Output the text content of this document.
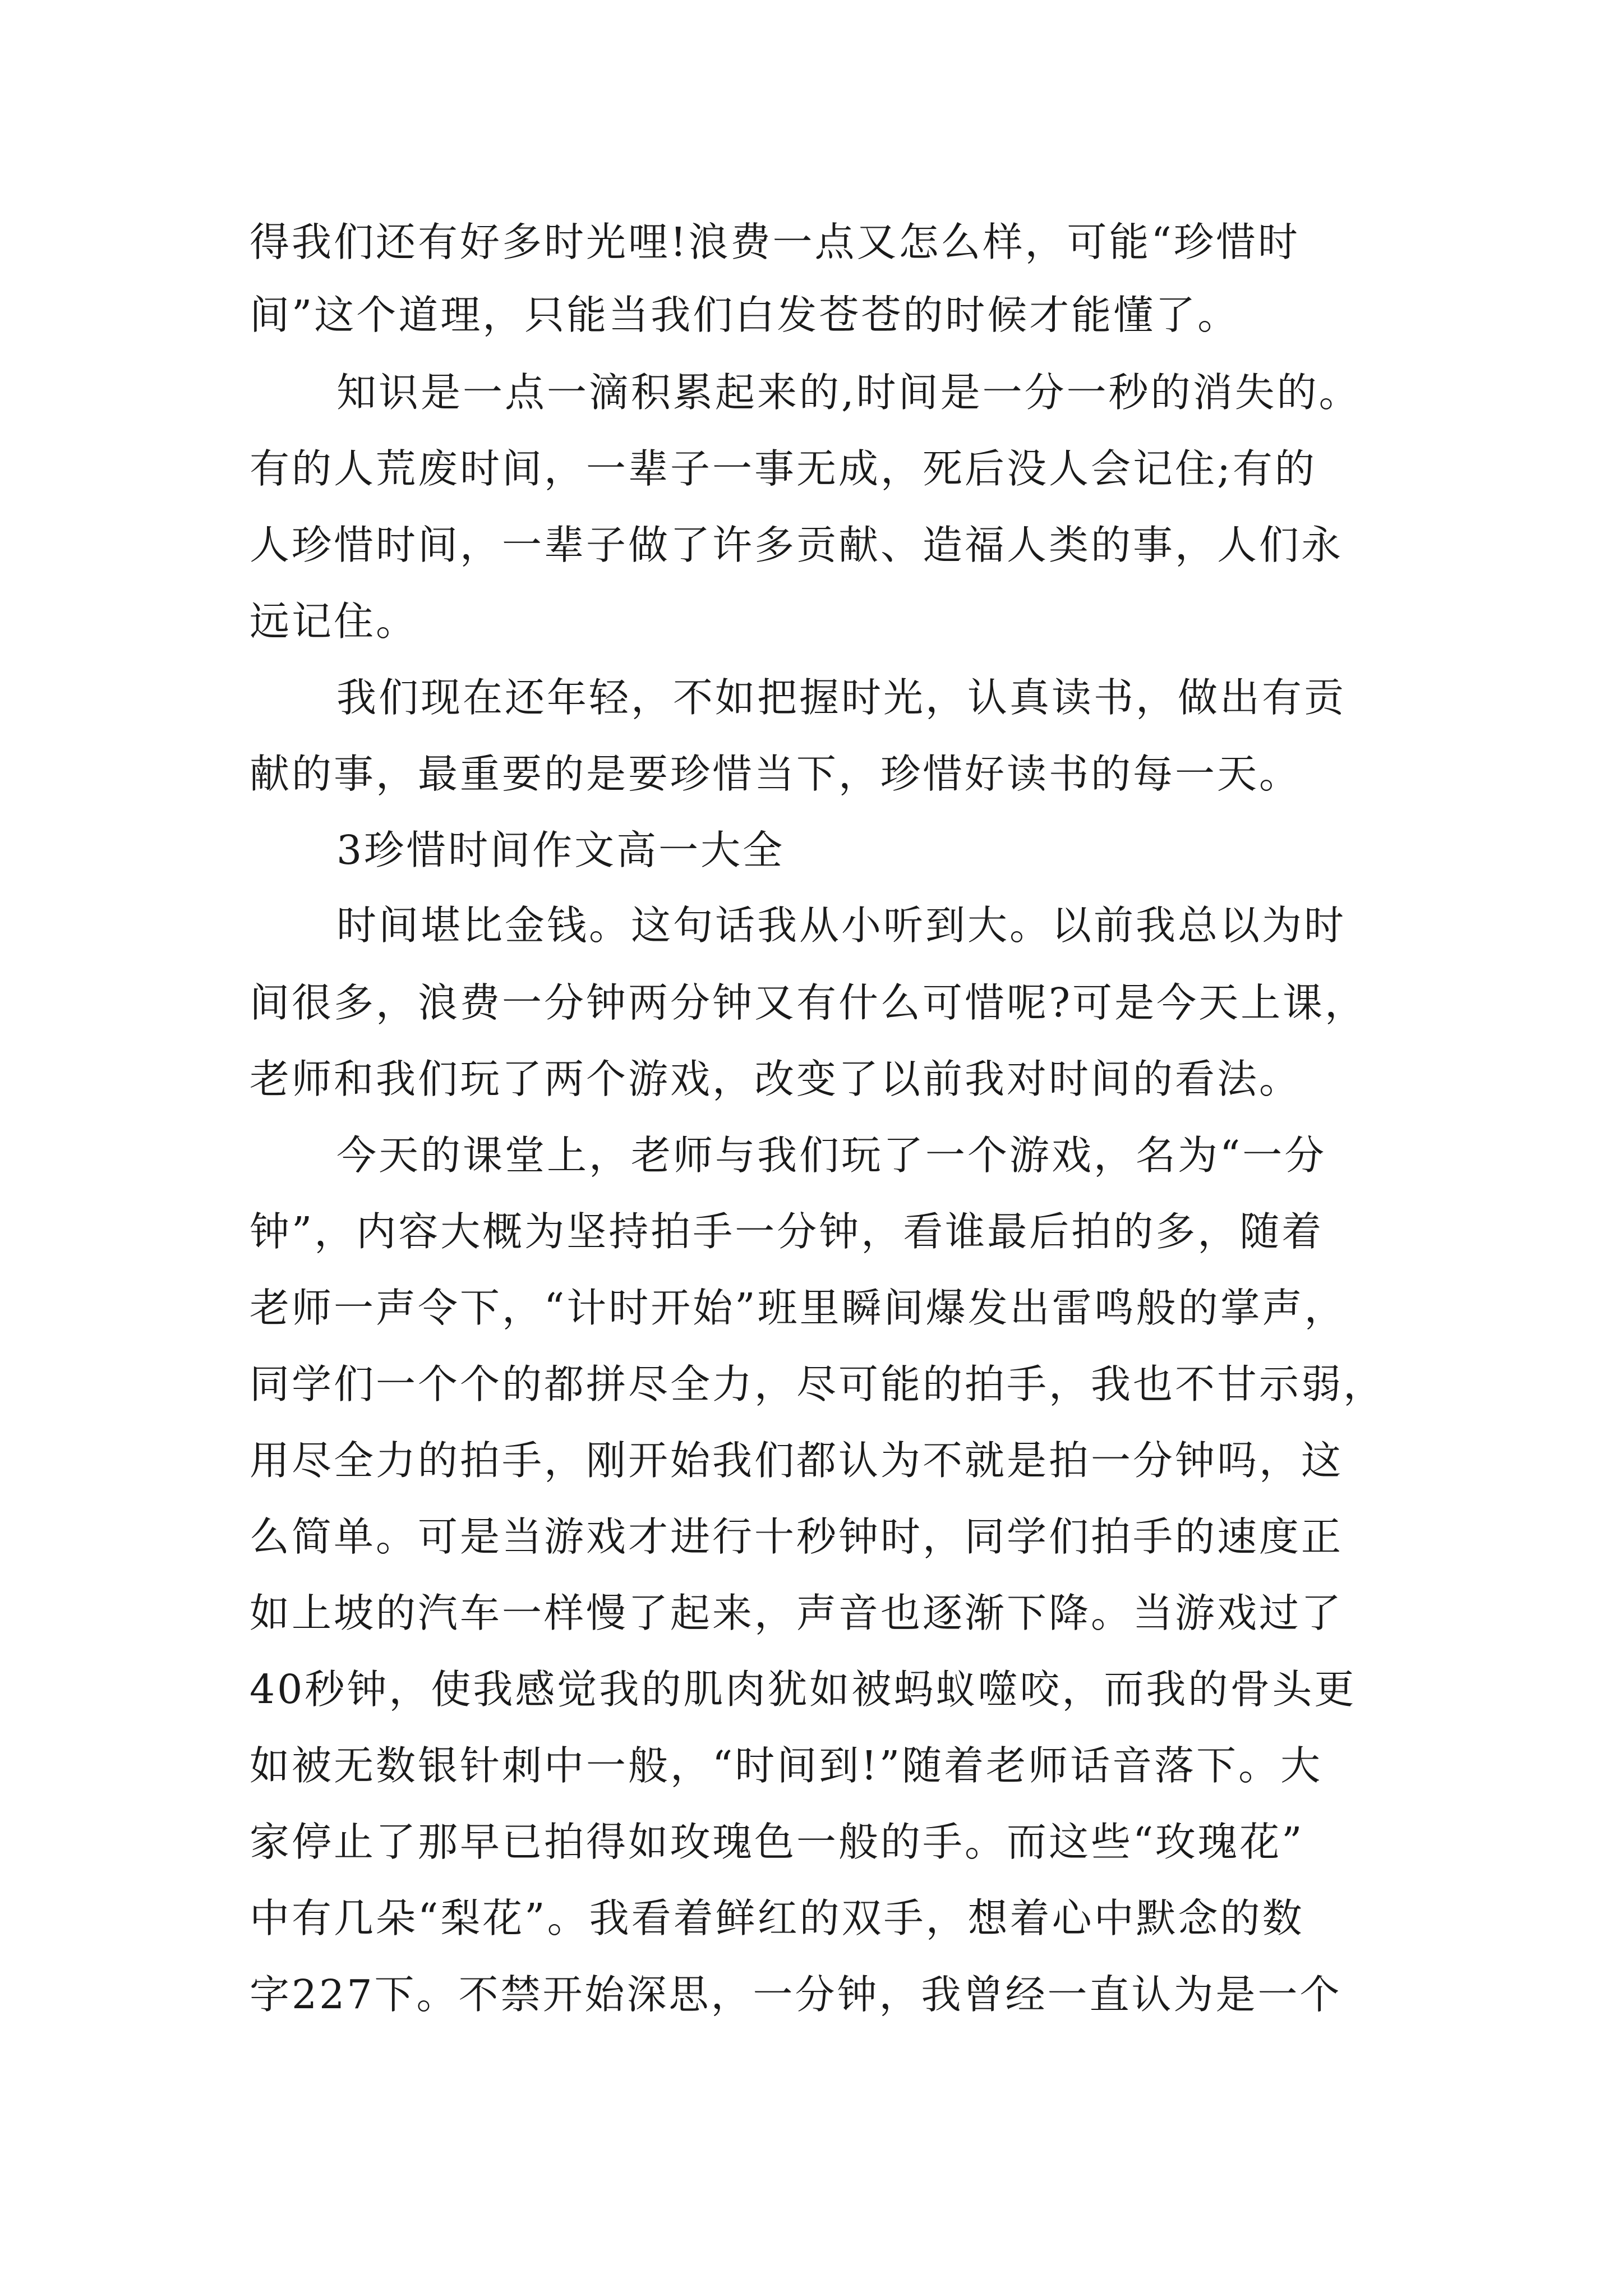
得我们还有好多时光哩!浪费一点又怎么样，可能“珍惜时
间”这个道理，只能当我们白发苍苍的时候才能懂了。
知识是一点一滴积累起来的,时间是一分一秒的消失的。
有的人荒废时间，一辈子一事无成，死后没人会记住;有的
人珍惜时间，一辈子做了许多贡献、造福人类的事，人们永
远记住。
我们现在还年轻，不如把握时光，认真读书，做出有贡
献的事，最重要的是要珍惜当下，珍惜好读书的每一天。
3珍惜时间作文高一大全
时间堪比金钱。这句话我从小听到大。以前我总以为时
间很多，浪费一分钟两分钟又有什么可惜呢?可是今天上课，
老师和我们玩了两个游戏，改变了以前我对时间的看法。
今天的课堂上，老师与我们玩了一个游戏，名为“一分
钟”，内容大概为坚持拍手一分钟，看谁最后拍的多，随着
老师一声令下，“计时开始”班里瞬间爆发出雷鸣般的掌声，
同学们一个个的都拼尽全力，尽可能的拍手，我也不甘示弱，
用尽全力的拍手，刚开始我们都认为不就是拍一分钟吗，这
么简单。可是当游戏才进行十秒钟时，同学们拍手的速度正
如上坡的汽车一样慢了起来，声音也逐渐下降。当游戏过了
40秒钟，使我感觉我的肌肉犹如被蚂蚁噬咬，而我的骨头更
如被无数银针刺中一般，“时间到!”随着老师话音落下。大
家停止了那早已拍得如玫瑰色一般的手。而这些“玫瑰花”
中有几朵“梨花”。我看着鲜红的双手，想着心中默念的数
字227下。不禁开始深思，一分钟，我曾经一直认为是一个
